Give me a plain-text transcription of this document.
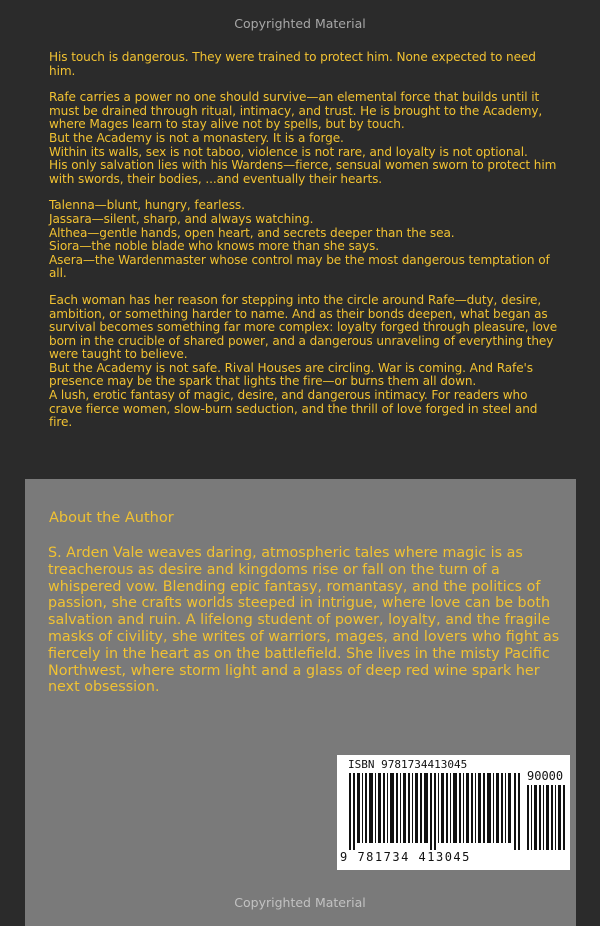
Copyrighted Material

His touch is dangerous. They were trained to protect him. None expected to need him.

Rafe carries a power no one should survive—an elemental force that builds until it must be drained through ritual, intimacy, and trust. He is brought to the Academy, where Mages learn to stay alive not by spells, but by touch.
But the Academy is not a monastery. It is a forge.
Within its walls, sex is not taboo, violence is not rare, and loyalty is not optional.
His only salvation lies with his Wardens—fierce, sensual women sworn to protect him with swords, their bodies, ...and eventually their hearts.

Talenna—blunt, hungry, fearless.
Jassara—silent, sharp, and always watching.
Althea—gentle hands, open heart, and secrets deeper than the sea.
Siora—the noble blade who knows more than she says.
Asera—the Wardenmaster whose control may be the most dangerous temptation of all.

Each woman has her reason for stepping into the circle around Rafe—duty, desire, ambition, or something harder to name. And as their bonds deepen, what began as survival becomes something far more complex: loyalty forged through pleasure, love born in the crucible of shared power, and a dangerous unraveling of everything they were taught to believe.
But the Academy is not safe. Rival Houses are circling. War is coming. And Rafe's presence may be the spark that lights the fire—or burns them all down.
A lush, erotic fantasy of magic, desire, and dangerous intimacy. For readers who crave fierce women, slow-burn seduction, and the thrill of love forged in steel and fire.

About the Author

S. Arden Vale weaves daring, atmospheric tales where magic is as treacherous as desire and kingdoms rise or fall on the turn of a whispered vow. Blending epic fantasy, romantasy, and the politics of passion, she crafts worlds steeped in intrigue, where love can be both salvation and ruin. A lifelong student of power, loyalty, and the fragile masks of civility, she writes of warriors, mages, and lovers who fight as fiercely in the heart as on the battlefield. She lives in the misty Pacific Northwest, where storm light and a glass of deep red wine spark her next obsession.

ISBN 9781734413045
90000
9 781734 413045
Copyrighted Material
